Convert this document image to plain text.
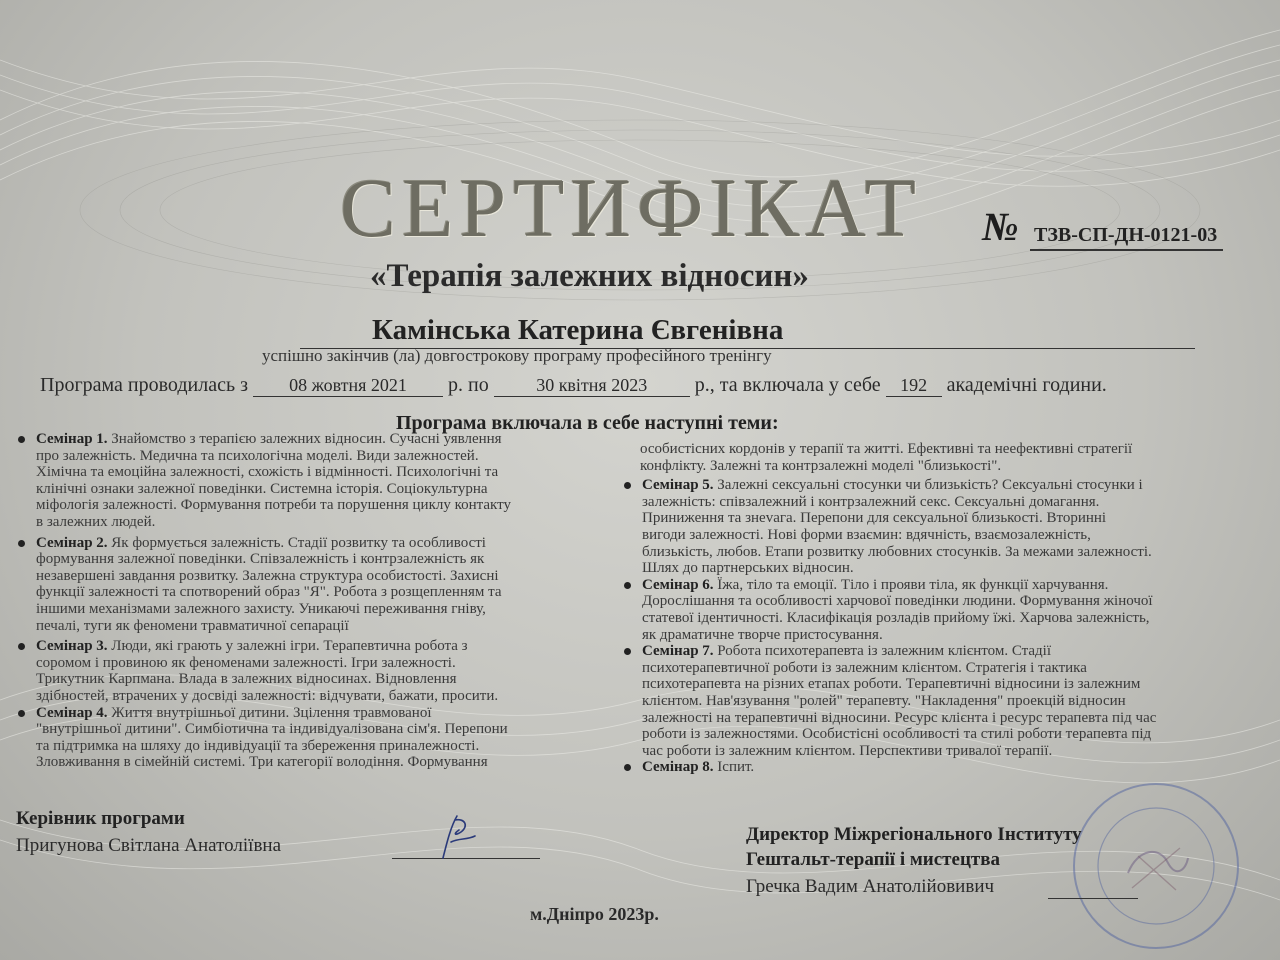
СЕРТИФІКАТ № ТЗВ-СП-ДН-0121-03
«Терапія залежних відносин»
Камінська Катерина Євгенівна
успішно закінчив (ла) довгострокову програму професійного тренінгу
Програма проводилась з 08 жовтня 2021 р. по	30 квітня 2023 р., та включала у себе 192 академічні години.
Програма включала в себе наступні теми:
Семінар 1. Знайомство з терапією залежних відносин. Сучасні уявлення
про залежність. Медична та психологічна моделі. Види залежностей.
Хімічна та емоційна залежності, схожість і відмінності. Психологічні та
клінічні ознаки залежної поведінки. Системна історія. Соціокультурна
міфологія залежності. Формування потреби та порушення циклу контакту
в залежних людей.
Семінар 2. Як формується залежність. Стадії розвитку та особливості
формування залежної поведінки. Співзалежність і контрзалежність як
незавершені завдання розвитку. Залежна структура особистості. Захисні
функції залежності та спотворений образ "Я". Робота з розщепленням та
іншими механізмами залежного захисту. Уникаючі переживання гніву,
печалі, туги як феномени травматичної сепарації
Семінар 3. Люди, які грають у залежні ігри. Терапевтична робота з
соромом і провиною як феноменами залежності. Ігри залежності.
Трикутник Карпмана. Влада в залежних відносинах. Відновлення
здібностей, втрачених у досвіді залежності: відчувати, бажати, просити.
Семінар 4. Життя внутрішньої дитини. Зцілення травмованої
"внутрішньої дитини". Симбіотична та індивідуалізована сім'я. Перепони
та підтримка на шляху до індивідуації та збереження приналежності.
Зловживання в сімейній системі. Три категорії володіння. Формування
особистісних кордонів у терапії та житті. Ефективні та неефективні стратегії
конфлікту. Залежні та контрзалежні моделі "близькості".
Семінар 5. Залежні сексуальні стосунки чи близькість? Сексуальні стосунки і
залежність: співзалежний і контрзалежний секс. Сексуальні домагання.
Приниження та знevага. Перепони для сексуальної близькості. Вторинні
вигоди залежності. Нові форми взаємин: вдячність, взаємозалежність,
близькість, любов. Етапи розвитку любовних стосунків. За межами залежності.
Шлях до партнерських відносин.
Семінар 6. Їжа, тіло та емоції. Тіло і прояви тіла, як функції харчування.
Дорослішання та особливості харчової поведінки людини. Формування жіночої
статевої ідентичності. Класифікація розладів прийому їжі. Харчова залежність,
як драматичне творче пристосування.
Семінар 7. Робота психотерапевта із залежним клієнтом. Стадії
психотерапевтичної роботи із залежним клієнтом. Стратегія і тактика
психотерапевта на різних етапах роботи. Терапевтичні відносини із залежним
клієнтом. Нав'язування "ролей" терапевту. "Накладення" проекцій відносин
залежності на терапевтичні відносини. Ресурс клієнта і ресурс терапевта під час
роботи із залежностями. Особистісні особливості та стилі роботи терапевта під
час роботи із залежним клієнтом. Перспективи тривалої терапії.
Семінар 8. Іспит.
Керівник програми
Пригунова Світлана Анатоліївна
Директор Міжрегіонального Інституту
Гештальт-терапії і мистецтва
Гречка Вадим Анатолійовивич
м.Дніпро 2023р.
